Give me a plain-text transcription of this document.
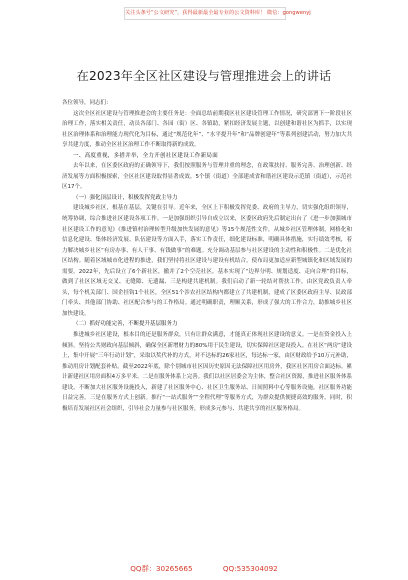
关注头条号“公文研究”，获得最新最全最专业的公文资料库！ 微信：gongwenyj
在2023年全区社区建设与管理推进会上的讲话

各位领导，同志们：

这次全区社区建设与管理推进会的主要任务是：全面总结前期我区社区建设管理工作情况，研究部署下一阶段社区治理工作，落实相关责任，动员各部门、各园（街）区、各镇助，紧扣经济发展主题，以创建和谐社区为抓手，以实现社区治理体系和治理能力现代化为目标，通过“规范化年”、“水平提升年”和“品牌创建年”等系列创建活动，努力加大共享共建力度，推动全区社区治理工作不断取得新的成效。

一、高度重视，多措并举，全力开创社区建设工作新局面

去年以来，在区委区政府的正确领导下，我们按照服务与管理并重的理念，在政策扶持、服务完善、治理创新、经济发展等方面积极探索，全区社区建设取得显著成效。5个镇（街道）全部建成省和谐社区建设示范镇（街道），示范社区17个。

（一）强化顶层设计，积极发挥党政主导力

建设城乡社区，根基在基层，关键在引导。近年来，全区上下积极发挥党委、政府的主导力，切实强化组织领导，统筹协调，综合推进社区建设各项工作。一是加强组织引导自成立以来，区委区政府先后制定出台了《进一步加强城市社区建设工作的意见》《推进镇村治理转型升级加快发展的意见》等15个规范性文件，从城乡社区管理体制，网格化和信息化建设、集体经济发展、队伍建设等方面入手，落实工作责任，细化建设标准，明确具体措施，实行绩效考核，着力解决城乡社区“有房办事、有人干事、有钱做事”的难题。充分调动基层参与社区建设的主动性和积极性。二是优化社区结构。随着区域城市化进程的推进，我们坚持将社区建设与建设有机结合，使布局更加适应新型城镇化和区域发展的需要。2022年，先后设立了6个新社区，撤并了2个空壳社区，基本实现了“边界分明、规划适度、走向合理”的目标，做到了社区区域无交叉、无缝隙、无遗漏、三是构建共建机制。我们启动了新一轮结对帮扶工作，由区党政负责人牵头，每个机关部门、国企挂钩1个社区，全区51个涉农社区结构内都建立了共建机制，建成了区委区政府主导、民政部门牵头、其他部门协助、社区配合参与的工作格局。通过明确职责，理顺关系，形成了强大的工作合力，助推城乡社区加快建设。

（二）抓好功能完善，不断提升基层服务力

推进城乡社区建设，根本目的还是服务群众，只有让群众满意，才能真正体现社区建设的意义。一是在资金投入上倾斜。坚持公共财政向基层倾斜，确保全区新增财力的80%用于民生建设，切实保障社区建设投入。在社区“两房”建设上，集中开展“三年行动计划”，采取以奖代补的方式，对不达标的26家社区，每达标一家，由区财政给予10万元补助，推动用房计划配套补贴。截至2022年底，除个别城市社区因历史原因无法保障社区用房外，我区社区用房合面达标。累计新建社区用房面积4万多平米。二是在服务体系上完善。我们以社区居委会为主体，整合社区资源，推进社区服务体系建设，不断加大社区服务设施投入，新建了社区服务中心、社区卫生服务站、日间照料中心等服务设施，社区服务功能日益完善。三是在服务方式上创新。推行“一站式服务”“全程代理”等服务方式，为群众提供便捷高效的服务。同时，积极培育发展社区社会组织，引导社会力量参与社区服务，形成多元参与、共建共享的社区服务格局。

QQ群：30265665	QQ:535304092
